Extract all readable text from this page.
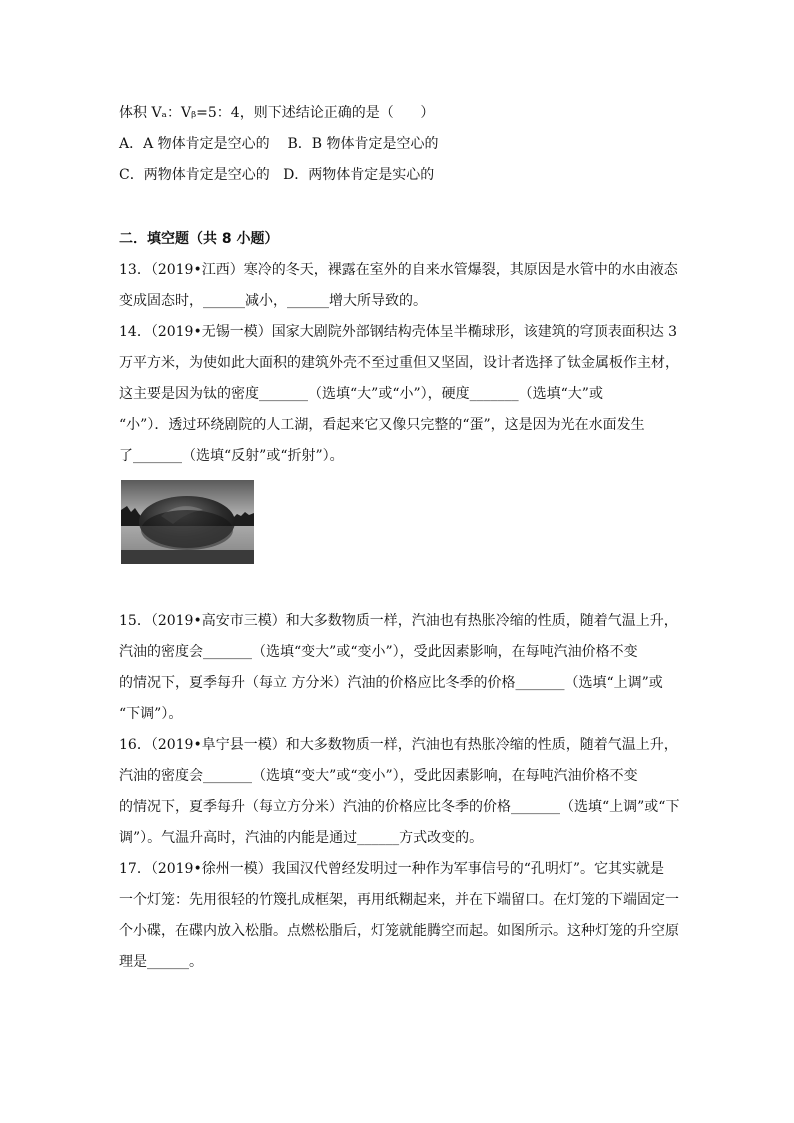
体积 Vₐ：Vᵦ=5：4，则下述结论正确的是（      ）
A．A 物体肯定是空心的 B．B 物体肯定是空心的
C．两物体肯定是空心的 D．两物体肯定是实心的
二．填空题（共 8 小题）
13．（2019•江西）寒冷的冬天，裸露在室外的自来水管爆裂，其原因是水管中的水由液态
变成固态时，______减小，______增大所导致的。
14．（2019•无锡一模）国家大剧院外部钢结构壳体呈半椭球形，该建筑的穹顶表面积达 3
万平方米，为使如此大面积的建筑外壳不至过重但又坚固，设计者选择了钛金属板作主材，
这主要是因为钛的密度_______（选填“大”或“小”），硬度_______（选填“大”或
“小”）．透过环绕剧院的人工湖，看起来它又像只完整的“蛋”，这是因为光在水面发生
了_______（选填“反射”或“折射”）。
15．（2019•高安市三模）和大多数物质一样，汽油也有热胀冷缩的性质，随着气温上升，
汽油的密度会_______（选填“变大”或“变小”），受此因素影响，在每吨汽油价格不变
的情况下，夏季每升（每立 方分米）汽油的价格应比冬季的价格_______（选填“上调”或
“下调”）。
16．（2019•阜宁县一模）和大多数物质一样，汽油也有热胀冷缩的性质，随着气温上升，
汽油的密度会_______（选填“变大”或“变小”），受此因素影响，在每吨汽油价格不变
的情况下，夏季每升（每立方分米）汽油的价格应比冬季的价格_______（选填“上调”或“下
调”）。气温升高时，汽油的内能是通过______方式改变的。
17．（2019•徐州一模）我国汉代曾经发明过一种作为军事信号的“孔明灯”。它其实就是
一个灯笼：先用很轻的竹篾扎成框架，再用纸糊起来，并在下端留口。在灯笼的下端固定一
个小碟，在碟内放入松脂。点燃松脂后，灯笼就能腾空而起。如图所示。这种灯笼的升空原
理是______。
